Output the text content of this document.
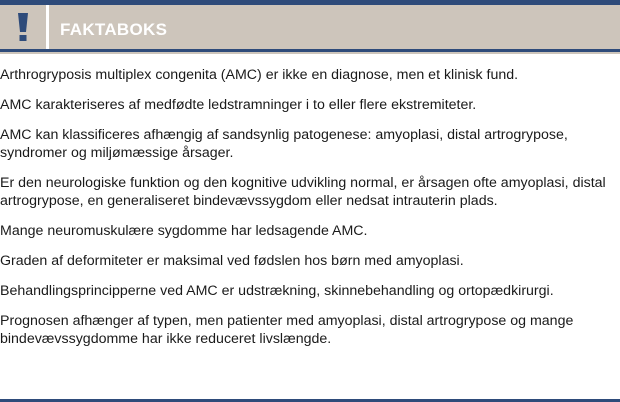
FAKTABOKS

Arthrogryposis multiplex congenita (AMC) er ikke en diagnose, men et klinisk fund.

AMC karakteriseres af medfødte ledstramninger i to eller flere ekstremiteter.

AMC kan klassificeres afhængig af sandsynlig patogenese: amyoplasi, distal artrogrypose, syndromer og miljømæssige årsager.

Er den neurologiske funktion og den kognitive udvikling normal, er årsagen ofte amyoplasi, distal artrogrypose, en generaliseret bindevævssygdom eller nedsat intrauterin plads.

Mange neuromuskulære sygdomme har ledsagende AMC.

Graden af deformiteter er maksimal ved fødslen hos børn med amyoplasi.

Behandlingsprincipperne ved AMC er udstrækning, skinnebehandling og ortopædkirurgi.

Prognosen afhænger af typen, men patienter med amyoplasi, distal artrogrypose og mange bindevævssygdomme har ikke reduceret livslængde.
